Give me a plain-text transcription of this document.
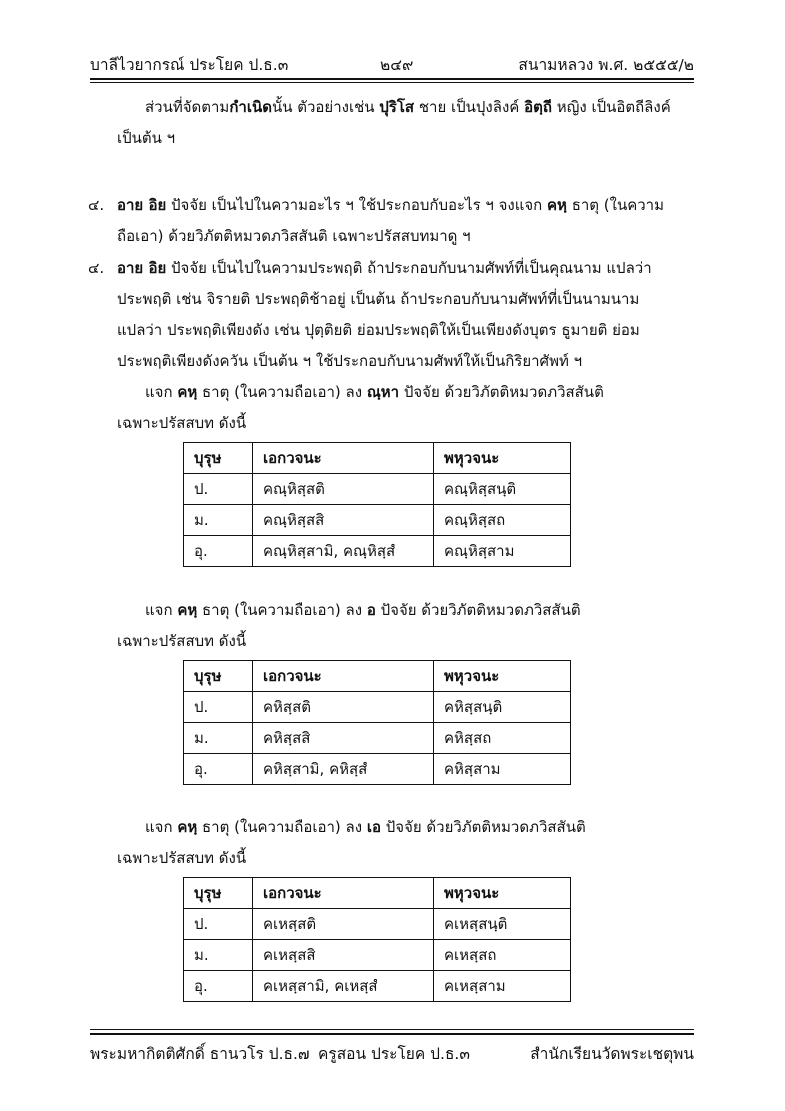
บาลีไวยากรณ์ ประโยค ป.ธ.๓	๒๔๙	สนามหลวง พ.ศ. ๒๕๕๕/๒
ส่วนที่จัดตามกำเนิดนั้น ตัวอย่างเช่น ปุริโส ชาย เป็นปุงลิงค์ อิตฺถี หญิง เป็นอิตถีลิงค์
เป็นต้น ฯ
๔. อาย อิย ปัจจัย เป็นไปในความอะไร ฯ ใช้ประกอบกับอะไร ฯ จงแจก คหฺ ธาตุ (ในความ
ถือเอา) ด้วยวิภัตติหมวดภวิสสันติ เฉพาะปรัสสบทมาดู ฯ
๔. อาย อิย ปัจจัย เป็นไปในความประพฤติ ถ้าประกอบกับนามศัพท์ที่เป็นคุณนาม แปลว่า
ประพฤติ เช่น จิรายติ ประพฤติช้าอยู่ เป็นต้น ถ้าประกอบกับนามศัพท์ที่เป็นนามนาม
แปลว่า ประพฤติเพียงดัง เช่น ปุตฺติยติ ย่อมประพฤติให้เป็นเพียงดังบุตร ธูมายติ ย่อม
ประพฤติเพียงดังควัน เป็นต้น ฯ ใช้ประกอบกับนามศัพท์ให้เป็นกิริยาศัพท์ ฯ
แจก คหฺ ธาตุ (ในความถือเอา) ลง ณฺหา ปัจจัย ด้วยวิภัตติหมวดภวิสสันติ
เฉพาะปรัสสบท ดังนี้
บุรุษ	เอกวจนะ	พหุวจนะ
ป.	คณฺหิสฺสติ	คณฺหิสฺสนฺติ
ม.	คณฺหิสฺสสิ	คณฺหิสฺสถ
อุ.	คณฺหิสฺสามิ, คณฺหิสฺสํ	คณฺหิสฺสาม
แจก คหฺ ธาตุ (ในความถือเอา) ลง อ ปัจจัย ด้วยวิภัตติหมวดภวิสสันติ
เฉพาะปรัสสบท ดังนี้
บุรุษ	เอกวจนะ	พหุวจนะ
ป.	คหิสฺสติ	คหิสฺสนฺติ
ม.	คหิสฺสสิ	คหิสฺสถ
อุ.	คหิสฺสามิ, คหิสฺสํ	คหิสฺสาม
แจก คหฺ ธาตุ (ในความถือเอา) ลง เอ ปัจจัย ด้วยวิภัตติหมวดภวิสสันติ
เฉพาะปรัสสบท ดังนี้
บุรุษ	เอกวจนะ	พหุวจนะ
ป.	คเหสฺสติ	คเหสฺสนฺติ
ม.	คเหสฺสสิ	คเหสฺสถ
อุ.	คเหสฺสามิ, คเหสฺสํ	คเหสฺสาม
พระมหากิตติศักดิ์ ธานวโร ป.ธ.๗ ครูสอน ประโยค ป.ธ.๓	สำนักเรียนวัดพระเชตุพน
